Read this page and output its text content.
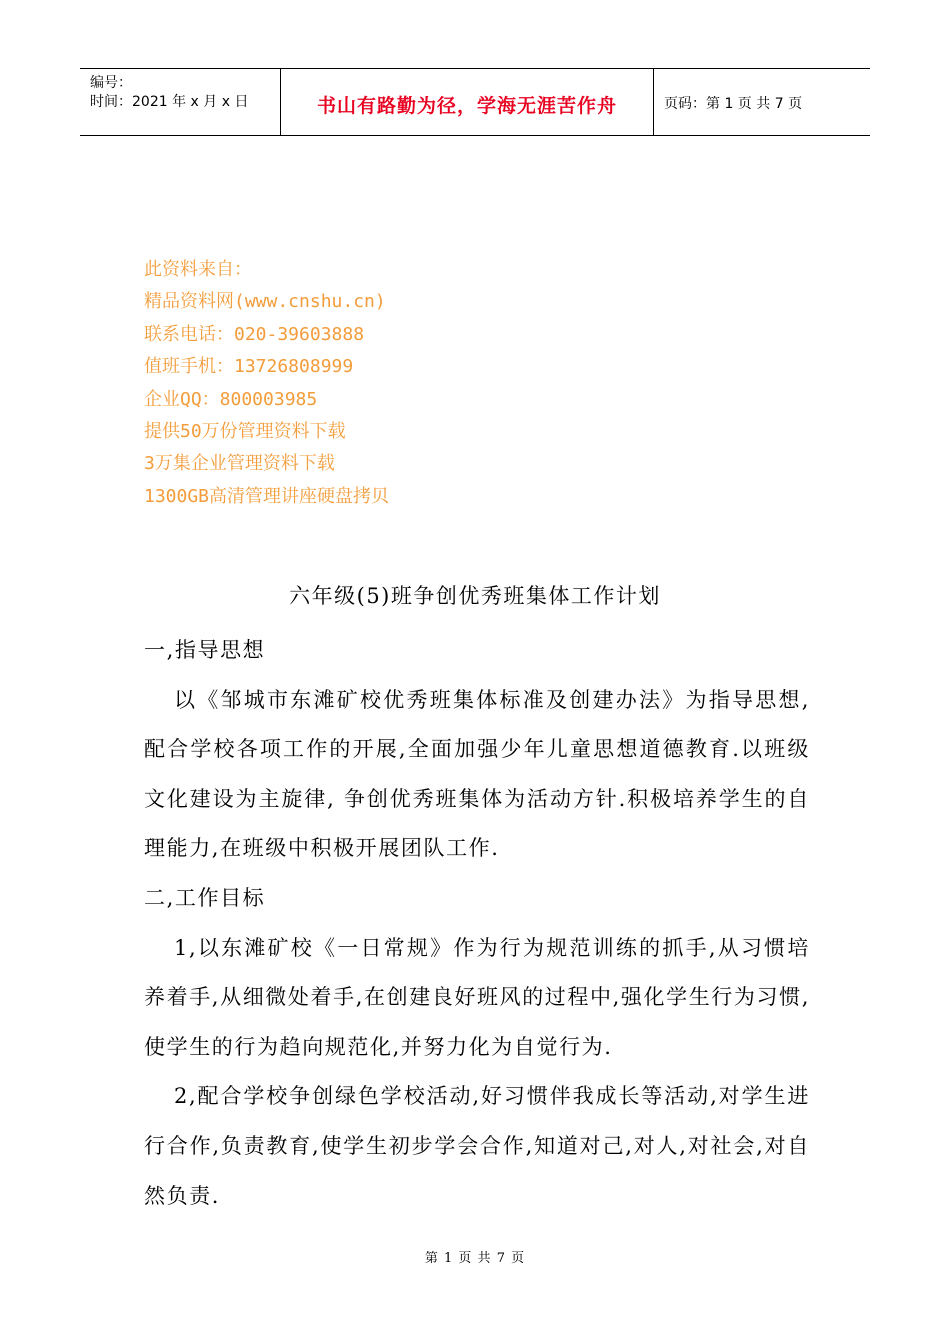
编号：
时间：2021 年 x 月 x 日	书山有路勤为径，学海无涯苦作舟	页码：第 1 页 共 7 页
此资料来自：
精品资料网(www.cnshu.cn)
联系电话：020-39603888
值班手机：13726808999
企业QQ：800003985
提供50万份管理资料下载
3万集企业管理资料下载
1300GB高清管理讲座硬盘拷贝
六年级(5)班争创优秀班集体工作计划

一,指导思想

以《邹城市东滩矿校优秀班集体标准及创建办法》为指导思想,配合学校各项工作的开展,全面加强少年儿童思想道德教育.以班级文化建设为主旋律, 争创优秀班集体为活动方针.积极培养学生的自理能力,在班级中积极开展团队工作.

二,工作目标

1,以东滩矿校《一日常规》作为行为规范训练的抓手,从习惯培养着手,从细微处着手,在创建良好班风的过程中,强化学生行为习惯,使学生的行为趋向规范化,并努力化为自觉行为.

2,配合学校争创绿色学校活动,好习惯伴我成长等活动,对学生进行合作,负责教育,使学生初步学会合作,知道对己,对人,对社会,对自然负责.

第 1 页 共 7 页
